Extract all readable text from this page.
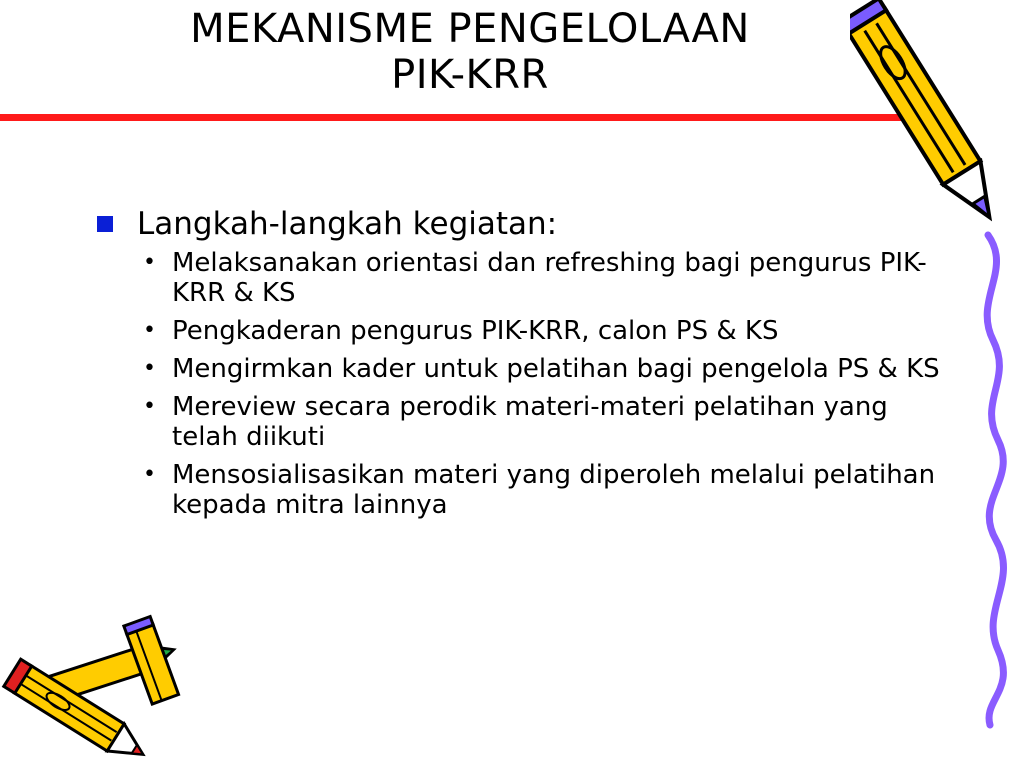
MEKANISME PENGELOLAAN
PIK-KRR
Langkah-langkah kegiatan:
• Melaksanakan orientasi dan refreshing bagi pengurus PIK-KRR & KS
• Pengkaderan pengurus PIK-KRR, calon PS & KS
• Mengirmkan kader untuk pelatihan bagi pengelola PS & KS
• Mereview secara perodik materi-materi pelatihan yang telah diikuti
• Mensosialisasikan materi yang diperoleh melalui pelatihan kepada mitra lainnya
